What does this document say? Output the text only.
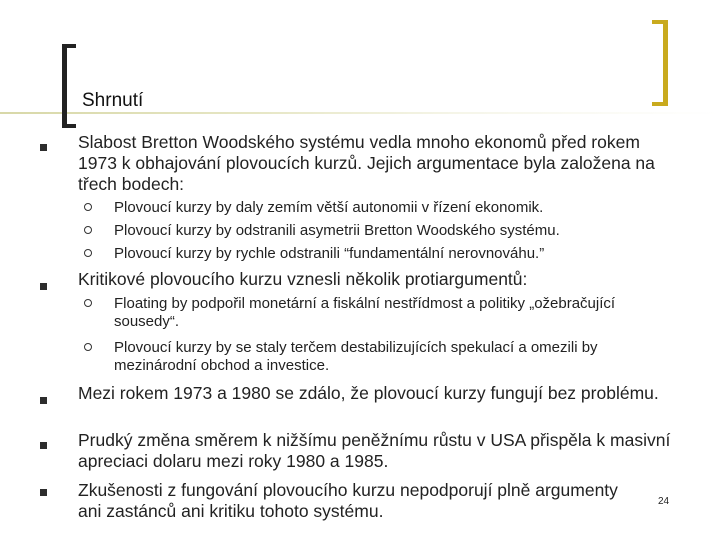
Shrnutí
Slabost Bretton Woodského systému vedla mnoho ekonomů před rokem 1973 k obhajování plovoucích kurzů. Jejich argumentace byla založena na třech bodech:
Plovoucí kurzy by daly zemím větší autonomii v řízení ekonomik.
Plovoucí kurzy by odstranili asymetrii Bretton Woodského systému.
Plovoucí kurzy by rychle odstranili “fundamentální nerovnováhu.”
Kritikové plovoucího kurzu vznesli několik protiargumentů:
Floating by podpořil monetární a fiskální nestřídmost a politiky „ožebračující sousedy“.
Plovoucí kurzy by se staly terčem destabilizujících spekulací a omezili by mezinárodní obchod a investice.
Mezi rokem 1973 a 1980 se zdálo, že plovoucí kurzy fungují bez problému.
Prudký změna směrem k nižšímu peněžnímu růstu v USA přispěla k masivní apreciaci dolaru mezi roky 1980 a 1985.
Zkušenosti z fungování plovoucího kurzu nepodporují plně argumenty ani zastánců ani kritiku tohoto systému.	24
